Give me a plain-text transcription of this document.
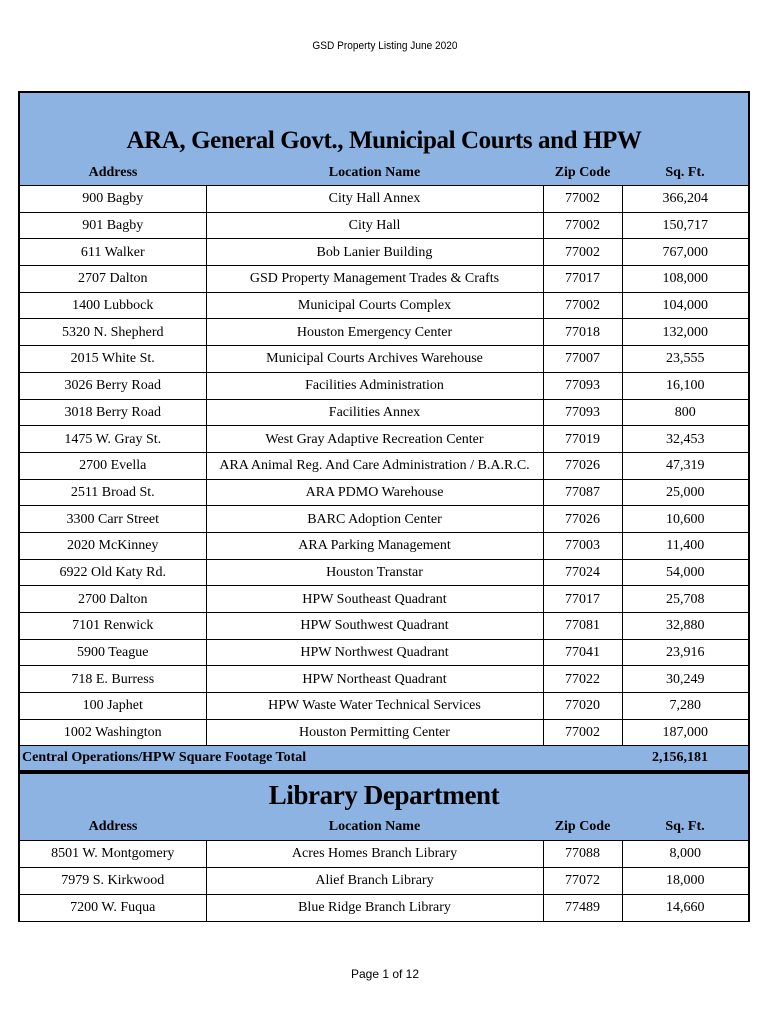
GSD Property Listing June 2020
ARA, General Govt., Municipal Courts and HPW
Address	Location Name	Zip Code	Sq. Ft.
900 Bagby	City Hall Annex	77002	366,204
901 Bagby	City Hall	77002	150,717
611 Walker	Bob Lanier Building	77002	767,000
2707 Dalton	GSD Property Management Trades & Crafts	77017	108,000
1400 Lubbock	Municipal Courts Complex	77002	104,000
5320 N. Shepherd	Houston Emergency Center	77018	132,000
2015 White St.	Municipal Courts Archives Warehouse	77007	23,555
3026 Berry Road	Facilities Administration	77093	16,100
3018 Berry Road	Facilities Annex	77093	800
1475 W. Gray St.	West Gray Adaptive Recreation Center	77019	32,453
2700 Evella	ARA Animal Reg. And Care Administration / B.A.R.C.	77026	47,319
2511 Broad St.	ARA PDMO Warehouse	77087	25,000
3300 Carr Street	BARC Adoption Center	77026	10,600
2020 McKinney	ARA Parking Management	77003	11,400
6922 Old Katy Rd.	Houston Transtar	77024	54,000
2700 Dalton	HPW Southeast Quadrant	77017	25,708
7101 Renwick	HPW Southwest Quadrant	77081	32,880
5900 Teague	HPW Northwest Quadrant	77041	23,916
718 E. Burress	HPW Northeast Quadrant	77022	30,249
100 Japhet	HPW Waste Water Technical Services	77020	7,280
1002 Washington	Houston Permitting Center	77002	187,000
Central Operations/HPW Square Footage Total	2,156,181
Library Department
Address	Location Name	Zip Code	Sq. Ft.
8501 W. Montgomery	Acres Homes Branch Library	77088	8,000
7979 S. Kirkwood	Alief Branch Library	77072	18,000
7200 W. Fuqua	Blue Ridge Branch Library	77489	14,660
Page 1 of 12
